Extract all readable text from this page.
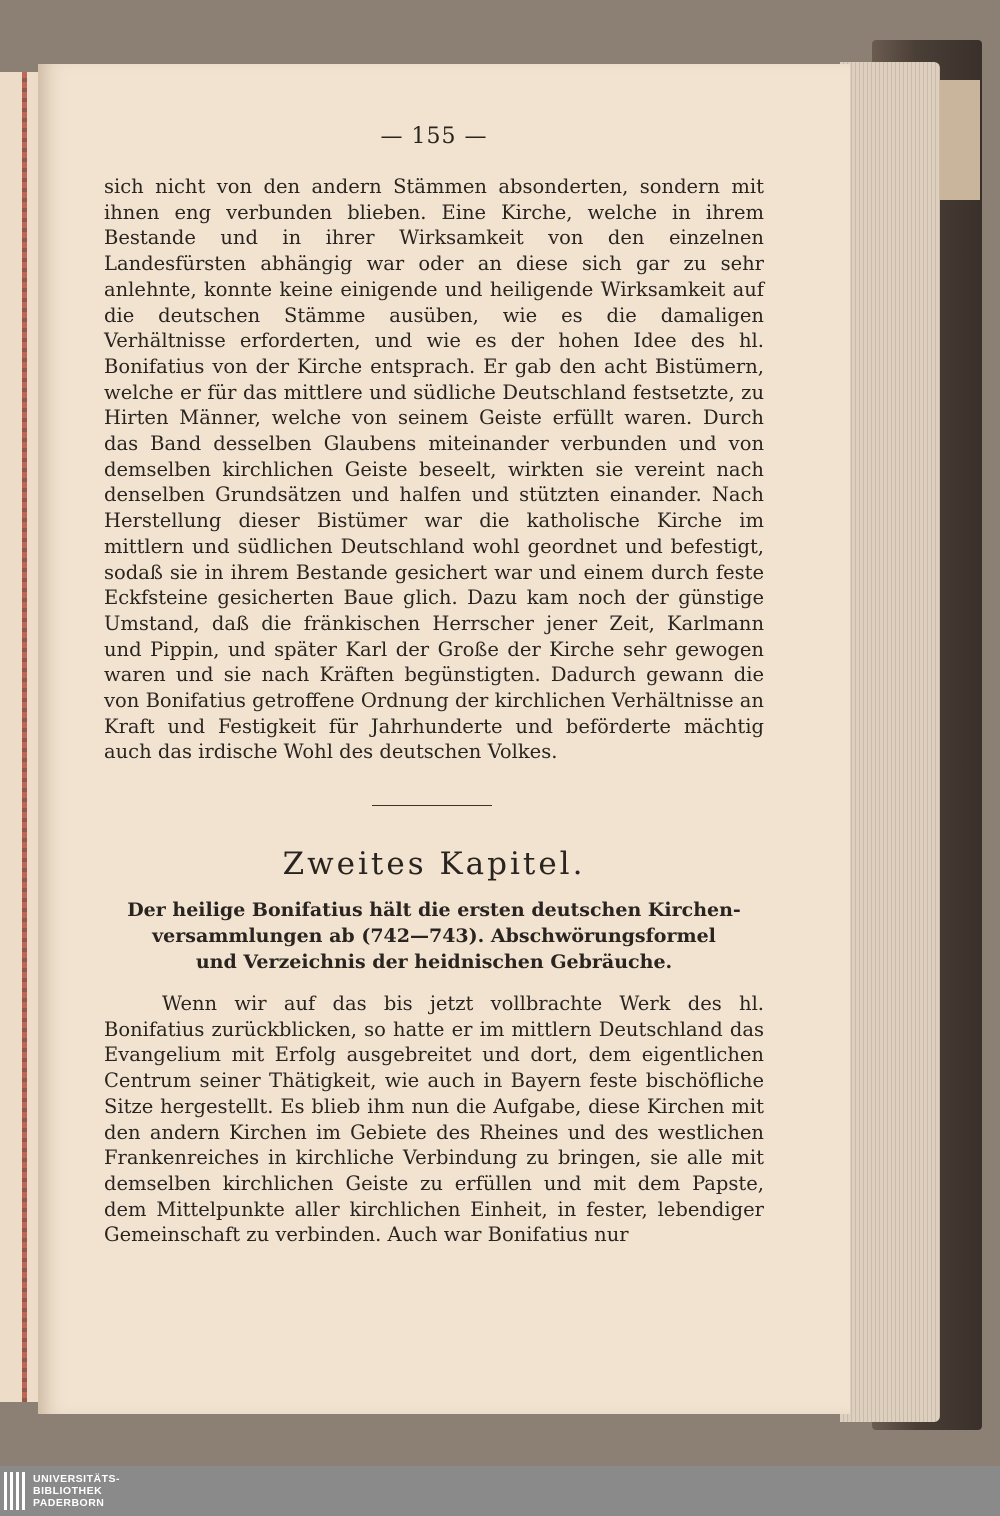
— 155 —

sich nicht von den andern Stämmen absonderten, sondern mit ihnen eng verbunden blieben. Eine Kirche, welche in ihrem Bestande und in ihrer Wirksamkeit von den einzelnen Landesfürsten abhängig war oder an diese sich gar zu sehr anlehnte, konnte keine einigende und heiligende Wirksamkeit auf die deutschen Stämme ausüben, wie es die damaligen Verhältnisse erforderten, und wie es der hohen Idee des hl. Bonifatius von der Kirche entsprach. Er gab den acht Bistümern, welche er für das mittlere und südliche Deutschland festsetzte, zu Hirten Männer, welche von seinem Geiste erfüllt waren. Durch das Band desselben Glaubens miteinander verbunden und von demselben kirchlichen Geiste beseelt, wirkten sie vereint nach denselben Grundsätzen und halfen und stützten einander. Nach Herstellung dieser Bistümer war die katholische Kirche im mittlern und südlichen Deutschland wohl geordnet und befestigt, sodaß sie in ihrem Bestande gesichert war und einem durch feste Eckfsteine gesicherten Baue glich. Dazu kam noch der günstige Umstand, daß die fränkischen Herrscher jener Zeit, Karlmann und Pippin, und später Karl der Große der Kirche sehr gewogen waren und sie nach Kräften begünstigten. Dadurch gewann die von Bonifatius getroffene Ordnung der kirchlichen Verhältnisse an Kraft und Festigkeit für Jahrhunderte und beförderte mächtig auch das irdische Wohl des deutschen Volkes.

Zweites Kapitel.
Der heilige Bonifatius hält die ersten deutschen Kirchen-
versammlungen ab (742—743). Abschwörungsformel
und Verzeichnis der heidnischen Gebräuche.

Wenn wir auf das bis jetzt vollbrachte Werk des hl. Bonifatius zurückblicken, so hatte er im mittlern Deutschland das Evangelium mit Erfolg ausgebreitet und dort, dem eigentlichen Centrum seiner Thätigkeit, wie auch in Bayern feste bischöfliche Sitze hergestellt. Es blieb ihm nun die Aufgabe, diese Kirchen mit den andern Kirchen im Gebiete des Rheines und des westlichen Frankenreiches in kirchliche Verbindung zu bringen, sie alle mit demselben kirchlichen Geiste zu erfüllen und mit dem Papste, dem Mittelpunkte aller kirchlichen Einheit, in fester, lebendiger Gemeinschaft zu verbinden. Auch war Bonifatius nur

UNIVERSITÄTS-
BIBLIOTHEK
PADERBORN
